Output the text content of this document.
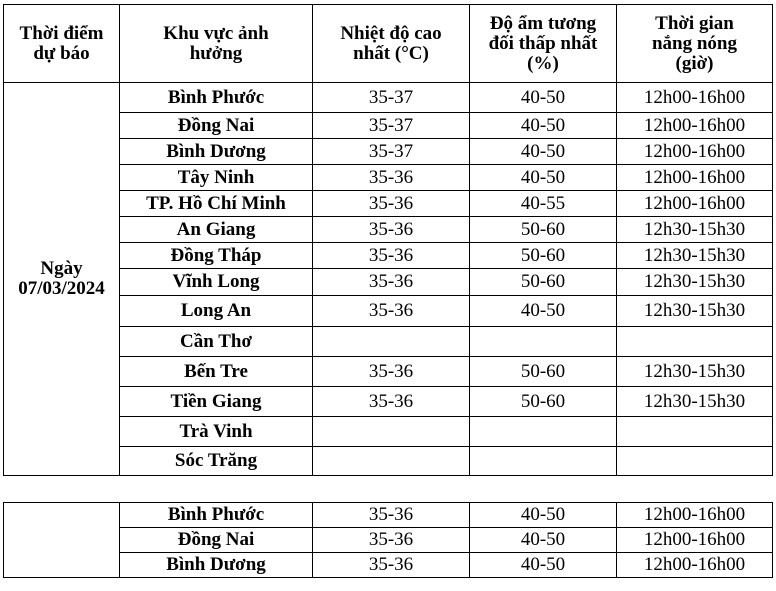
Thời điểm dự báo	Khu vực ảnh hưởng	Nhiệt độ cao nhất (°C)	Độ ẩm tương đối thấp nhất (%)	Thời gian nắng nóng (giờ)
Ngày
07/03/2024	Bình Phước	35-37	40-50	12h00-16h00
	Đồng Nai	35-37	40-50	12h00-16h00
	Bình Dương	35-37	40-50	12h00-16h00
	Tây Ninh	35-36	40-50	12h00-16h00
	TP. Hồ Chí Minh	35-36	40-55	12h00-16h00
	An Giang	35-36	50-60	12h30-15h30
	Đồng Tháp	35-36	50-60	12h30-15h30
	Vĩnh Long	35-36	50-60	12h30-15h30
	Long An	35-36	40-50	12h30-15h30
	Cần Thơ			
	Bến Tre	35-36	50-60	12h30-15h30
	Tiền Giang	35-36	50-60	12h30-15h30
	Trà Vinh			
	Sóc Trăng			

	Bình Phước	35-36	40-50	12h00-16h00
	Đồng Nai	35-36	40-50	12h00-16h00
	Bình Dương	35-36	40-50	12h00-16h00
